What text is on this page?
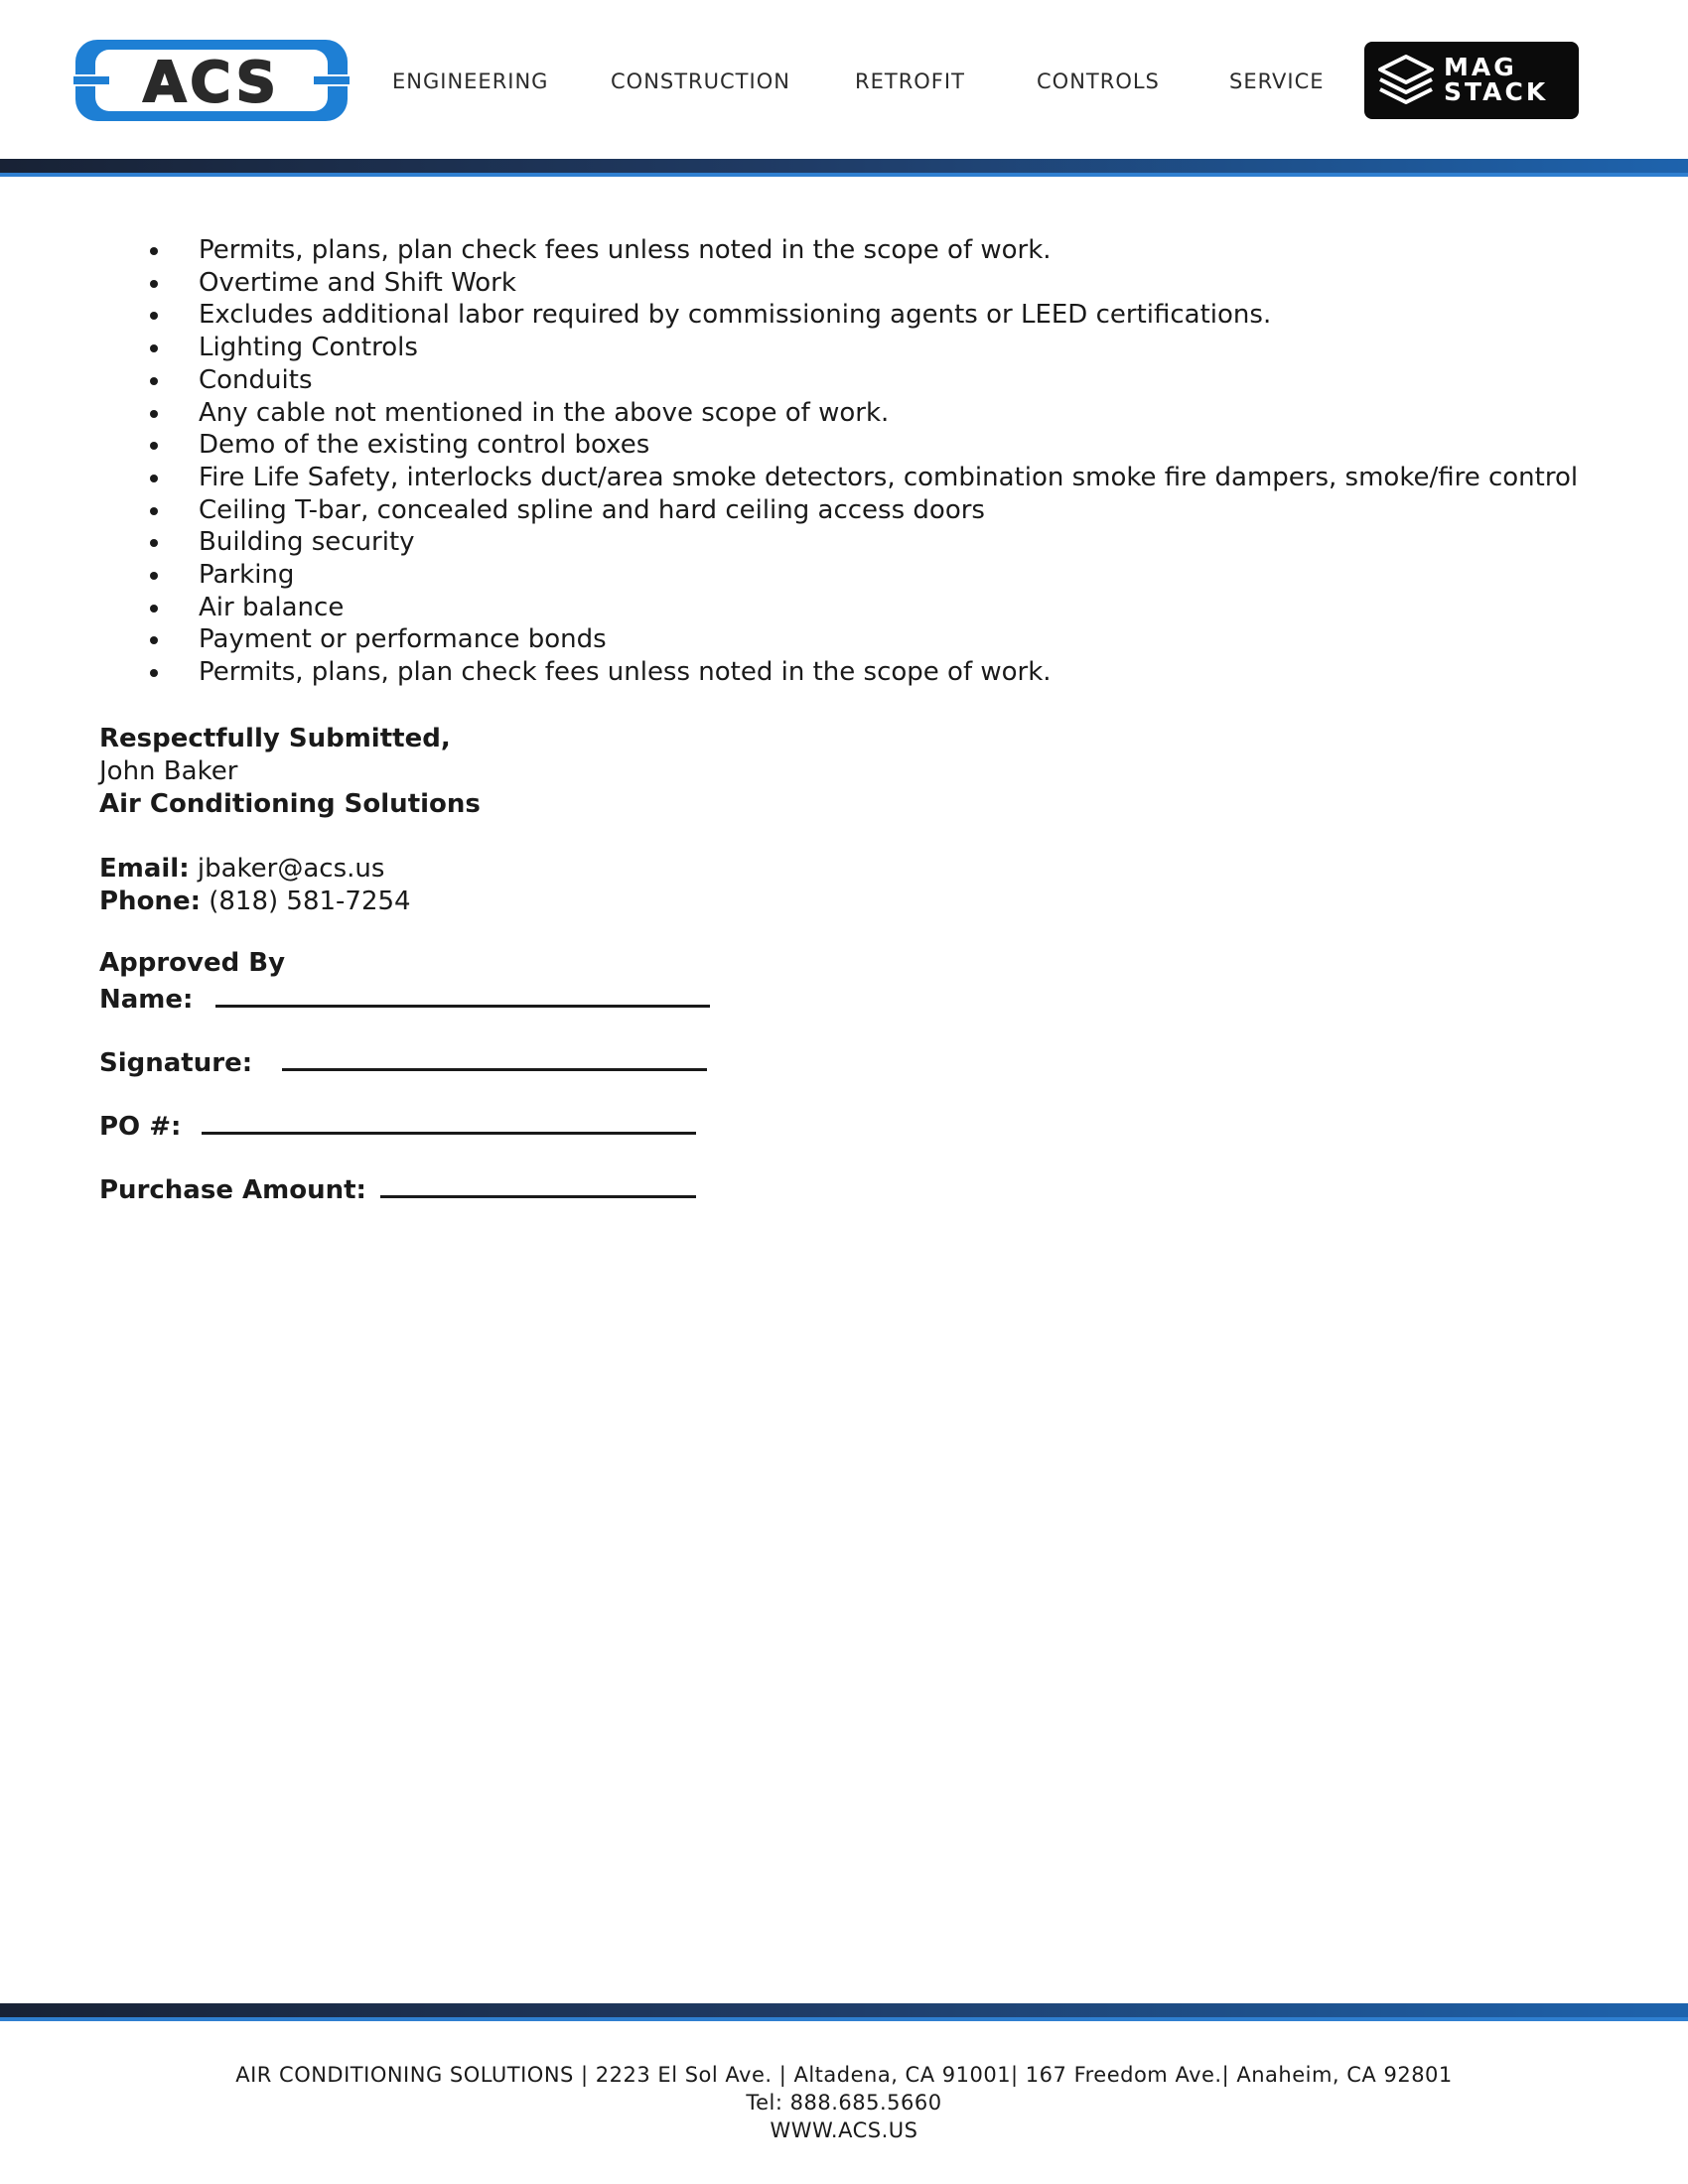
ACS	ENGINEERING	CONSTRUCTION	RETROFIT	CONTROLS	SERVICE	MAG
STACK
Permits, plans, plan check fees unless noted in the scope of work.
Overtime and Shift Work
Excludes additional labor required by commissioning agents or LEED certifications.
Lighting Controls
Conduits
Any cable not mentioned in the above scope of work.
Demo of the existing control boxes
Fire Life Safety, interlocks duct/area smoke detectors, combination smoke fire dampers, smoke/fire control
Ceiling T-bar, concealed spline and hard ceiling access doors
Building security
Parking
Air balance
Payment or performance bonds
Permits, plans, plan check fees unless noted in the scope of work.
Respectfully Submitted,
John Baker
Air Conditioning Solutions
Email: jbaker@acs.us
Phone: (818) 581-7254
Approved By
Name:
Signature:
PO #:
Purchase Amount:
AIR CONDITIONING SOLUTIONS | 2223 El Sol Ave. | Altadena, CA 91001| 167 Freedom Ave.| Anaheim, CA 92801
Tel: 888.685.5660
WWW.ACS.US
